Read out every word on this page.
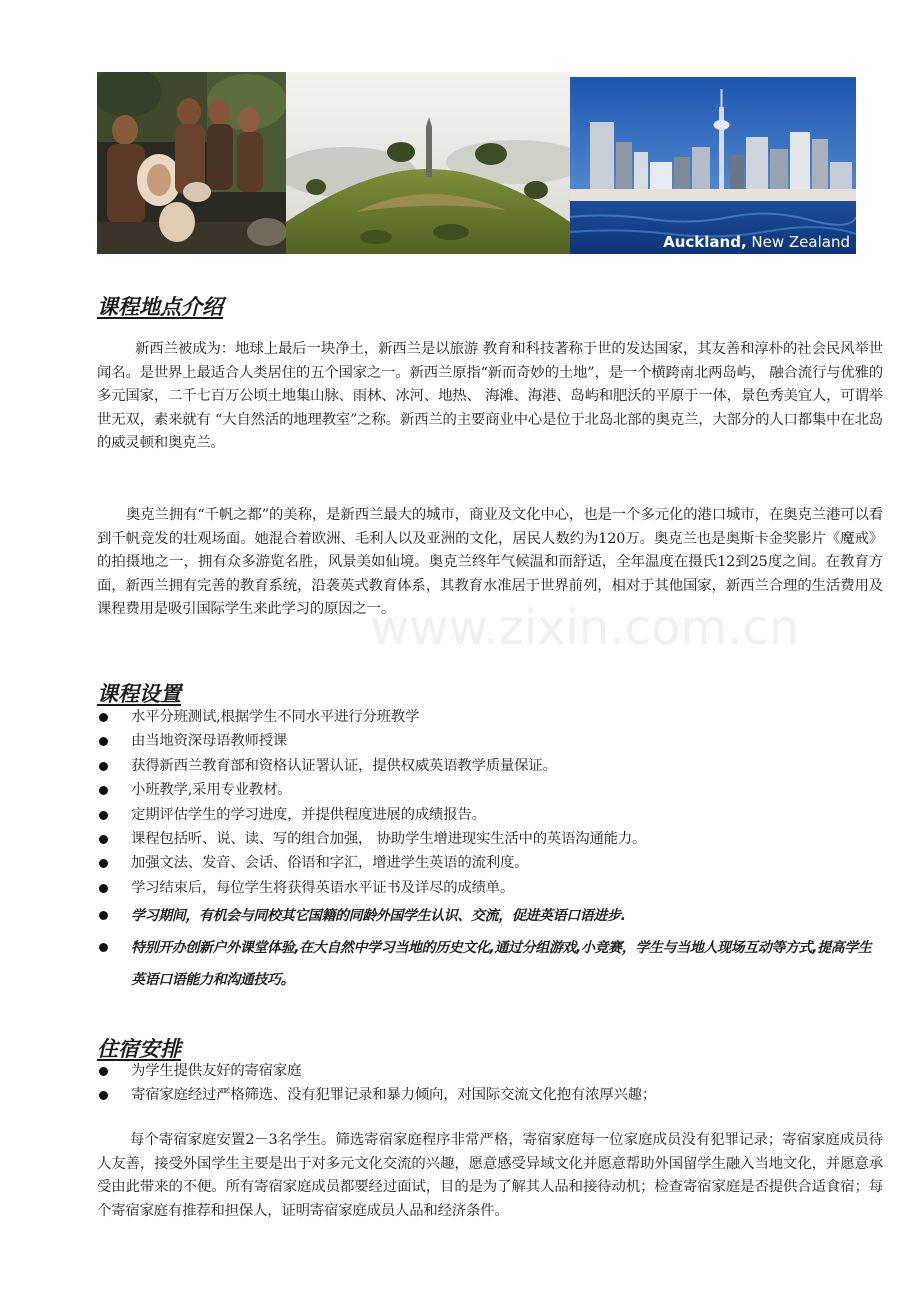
Auckland, New Zealand
课程地点介绍

新西兰被成为：地球上最后一块净土，新西兰是以旅游 教育和科技著称于世的发达国家，其友善和淳朴的社会民风举世闻名。是世界上最适合人类居住的五个国家之一。新西兰原指“新而奇妙的土地”，是一个横跨南北两岛屿， 融合流行与优雅的多元国家，二千七百万公顷土地集山脉、雨林、冰河、地热、 海滩、海港、岛屿和肥沃的平原于一体，景色秀美宜人，可谓举世无双，素来就有 “大自然活的地理教室”之称。新西兰的主要商业中心是位于北岛北部的奥克兰，大部分的人口都集中在北岛的威灵顿和奥克兰。

奥克兰拥有“千帆之都”的美称，是新西兰最大的城市，商业及文化中心，也是一个多元化的港口城市，在奥克兰港可以看到千帆竞发的壮观场面。她混合着欧洲、毛利人以及亚洲的文化，居民人数约为120万。奥克兰也是奥斯卡金奖影片《魔戒》的拍摄地之一，拥有众多游览名胜，风景美如仙境。奥克兰终年气候温和而舒适，全年温度在摄氏12到25度之间。在教育方面，新西兰拥有完善的教育系统，沿袭英式教育体系，其教育水准居于世界前列，相对于其他国家，新西兰合理的生活费用及课程费用是吸引国际学生来此学习的原因之一。

课程设置
水平分班测试,根据学生不同水平进行分班教学
由当地资深母语教师授课
获得新西兰教育部和资格认证署认证，提供权威英语教学质量保证。
小班教学,采用专业教材。
定期评估学生的学习进度，并提供程度进展的成绩报告。
课程包括听、说、读、写的组合加强， 协助学生增进现实生活中的英语沟通能力。
加强文法、发音、会话、俗语和字汇，增进学生英语的流利度。
学习结束后，每位学生将获得英语水平证书及详尽的成绩单。
学习期间，有机会与同校其它国籍的同龄外国学生认识、交流，促进英语口语进步.
特别开办创新户外课堂体验,在大自然中学习当地的历史文化,通过分组游戏,小竞赛，学生与当地人现场互动等方式,提高学生英语口语能力和沟通技巧。
住宿安排
为学生提供友好的寄宿家庭
寄宿家庭经过严格筛选、没有犯罪记录和暴力倾向，对国际交流文化抱有浓厚兴趣；

每个寄宿家庭安置2－3名学生。筛选寄宿家庭程序非常严格，寄宿家庭每一位家庭成员没有犯罪记录；寄宿家庭成员待人友善，接受外国学生主要是出于对多元文化交流的兴趣，愿意感受异域文化并愿意帮助外国留学生融入当地文化，并愿意承受由此带来的不便。所有寄宿家庭成员都要经过面试，目的是为了解其人品和接待动机；检查寄宿家庭是否提供合适食宿；每个寄宿家庭有推荐和担保人，证明寄宿家庭成员人品和经济条件。

www.zixin.com.cn
